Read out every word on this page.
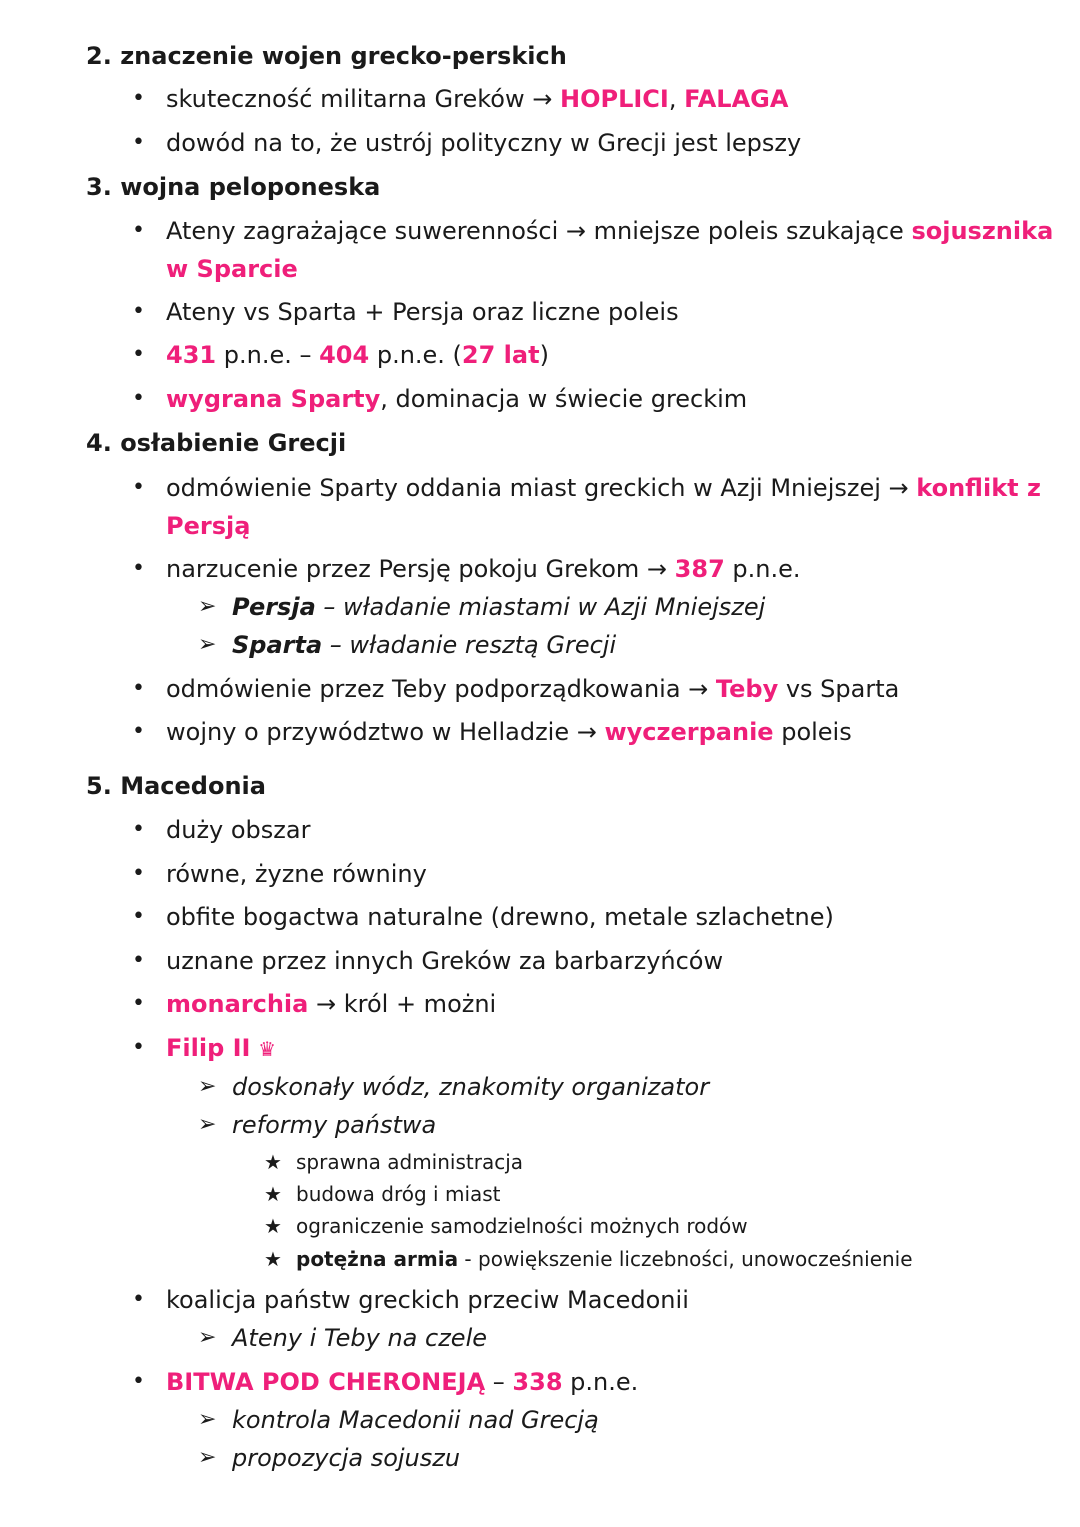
2. znaczenie wojen grecko-perskich
• skuteczność militarna Greków → HOPLICI, FALAGA
• dowód na to, że ustrój polityczny w Grecji jest lepszy
3. wojna peloponeska
• Ateny zagrażające suwerenności → mniejsze poleis szukające sojusznika
w Sparcie
• Ateny vs Sparta + Persja oraz liczne poleis
• 431 p.n.e. – 404 p.n.e. (27 lat)
• wygrana Sparty, dominacja w świecie greckim
4. osłabienie Grecji
• odmówienie Sparty oddania miast greckich w Azji Mniejszej → konflikt z
Persją
• narzucenie przez Persję pokoju Grekom → 387 p.n.e.
➢ Persja – władanie miastami w Azji Mniejszej
➢ Sparta – władanie resztą Grecji
• odmówienie przez Teby podporządkowania → Teby vs Sparta
• wojny o przywództwo w Helladzie → wyczerpanie poleis
5. Macedonia
• duży obszar
• równe, żyzne równiny
• obfite bogactwa naturalne (drewno, metale szlachetne)
• uznane przez innych Greków za barbarzyńców
• monarchia → król + możni
• Filip II ♛
➢ doskonały wódz, znakomity organizator
➢ reformy państwa
★ sprawna administracja
★ budowa dróg i miast
★ ograniczenie samodzielności możnych rodów
★ potężna armia - powiększenie liczebności, unowocześnienie
• koalicja państw greckich przeciw Macedonii
➢ Ateny i Teby na czele
• BITWA POD CHERONEJĄ – 338 p.n.e.
➢ kontrola Macedonii nad Grecją
➢ propozycja sojuszu
